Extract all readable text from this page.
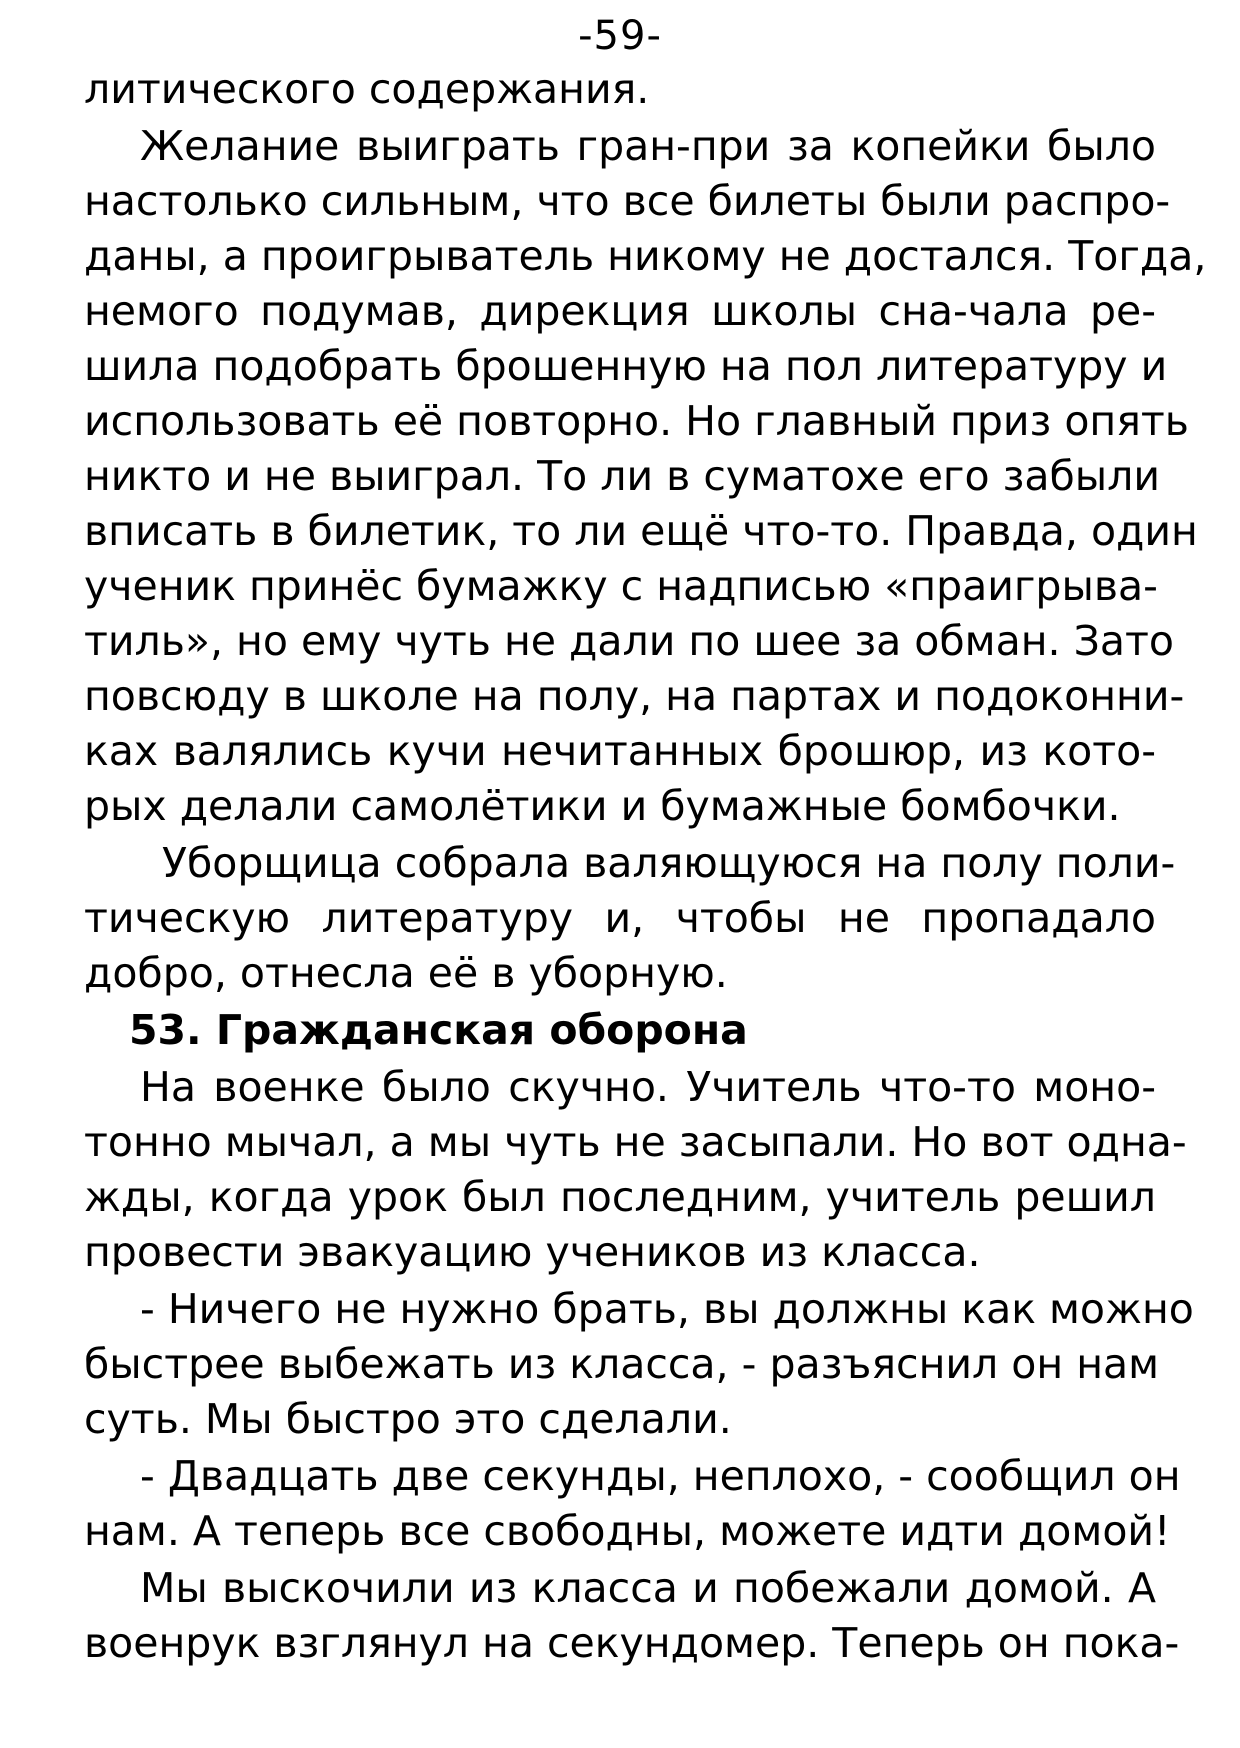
-59-
литического содержания.
Желание выиграть гран-при за копейки было
настолько сильным, что все билеты были распро-
даны, а проигрыватель никому не достался. Тогда,
немого подумав, дирекция школы сна-чала ре-
шила подобрать брошенную на пол литературу и
использовать её повторно. Но главный приз опять
никто и не выиграл. То ли в суматохе его забыли
вписать в билетик, то ли ещё что-то. Правда, один
ученик принёс бумажку с надписью «праигрыва-
тиль», но ему чуть не дали по шее за обман. Зато
повсюду в школе на полу, на партах и подоконни-
ках валялись кучи нечитанных брошюр, из кото-
рых делали самолётики и бумажные бомбочки.
Уборщица собрала валяющуюся на полу поли-
тическую литературу и, чтобы не пропадало
добро, отнесла её в уборную.
53. Гражданская оборона
На военке было скучно. Учитель что-то моно-
тонно мычал, а мы чуть не засыпали. Но вот одна-
жды, когда урок был последним, учитель решил
провести эвакуацию учеников из класса.
- Ничего не нужно брать, вы должны как можно
быстрее выбежать из класса, - разъяснил он нам
суть. Мы быстро это сделали.
- Двадцать две секунды, неплохо, - сообщил он
нам. А теперь все свободны, можете идти домой!
Мы выскочили из класса и побежали домой. А
военрук взглянул на секундомер. Теперь он пока-
